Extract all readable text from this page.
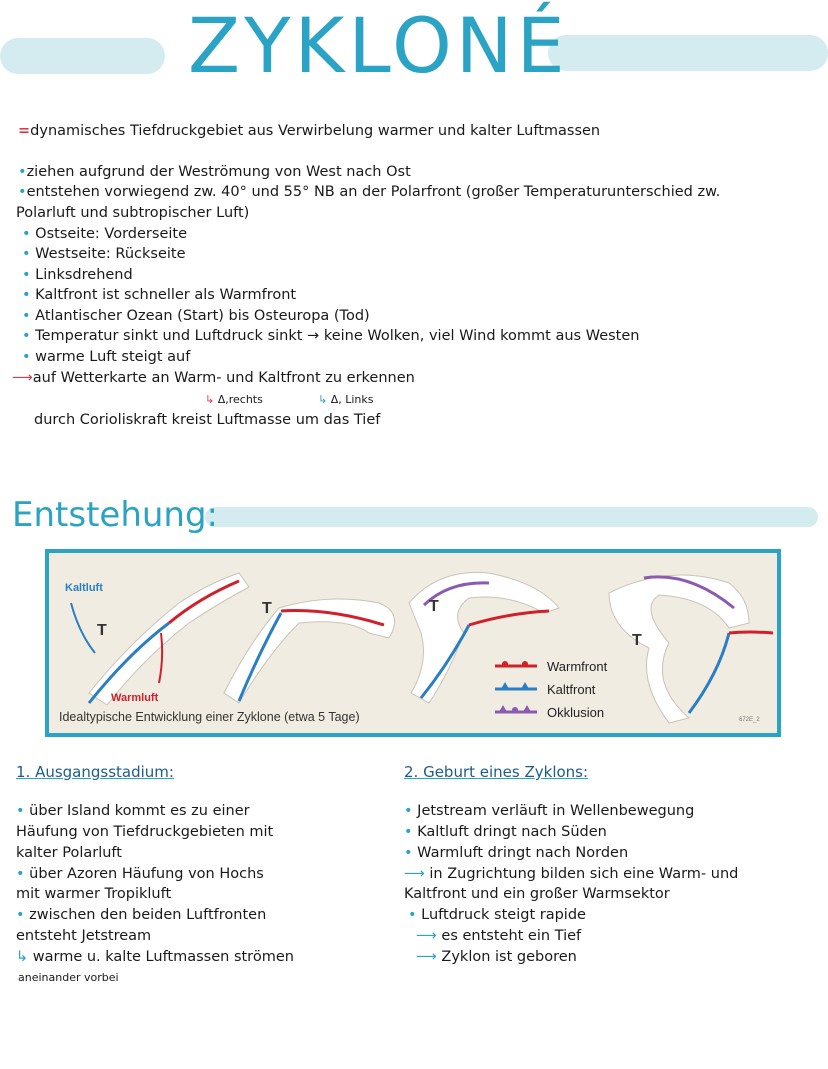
ZYKLONÉ
=dynamisches Tiefdruckgebiet aus Verwirbelung warmer und kalter Luftmassen
•ziehen aufgrund der Weströmung von West nach Ost
•entstehen vorwiegend zw. 40° und 55° NB an der Polarfront (großer Temperaturunterschied zw.
Polarluft und subtropischer Luft)
• Ostseite: Vorderseite
• Westseite: Rückseite
• Linksdrehend
• Kaltfront ist schneller als Warmfront
• Atlantischer Ozean (Start) bis Osteuropa (Tod)
• Temperatur sinkt und Luftdruck sinkt → keine Wolken, viel Wind kommt aus Westen
• warme Luft steigt auf
⟶auf Wetterkarte an Warm- und Kaltfront zu erkennen
↳ Δ,rechts	↳ Δ, Links
durch Corioliskraft kreist Luftmasse um das Tief
Entstehung:
Kaltluft
Warmluft
T
T	T
T
Warmfront
Kaltfront
Okklusion
Idealtypische Entwicklung einer Zyklone (etwa 5 Tage)	672E_2
1. Ausgangsstadium:
• über Island kommt es zu einer
Häufung von Tiefdruckgebieten mit
kalter Polarluft
• über Azoren Häufung von Hochs
mit warmer Tropikluft
• zwischen den beiden Luftfronten
entsteht Jetstream
↳ warme u. kalte Luftmassen strömen
aneinander vorbei
2. Geburt eines Zyklons:
• Jetstream verläuft in Wellenbewegung
• Kaltluft dringt nach Süden
• Warmluft dringt nach Norden
⟶ in Zugrichtung bilden sich eine Warm- und
Kaltfront und ein großer Warmsektor
• Luftdruck steigt rapide
⟶ es entsteht ein Tief
⟶ Zyklon ist geboren
